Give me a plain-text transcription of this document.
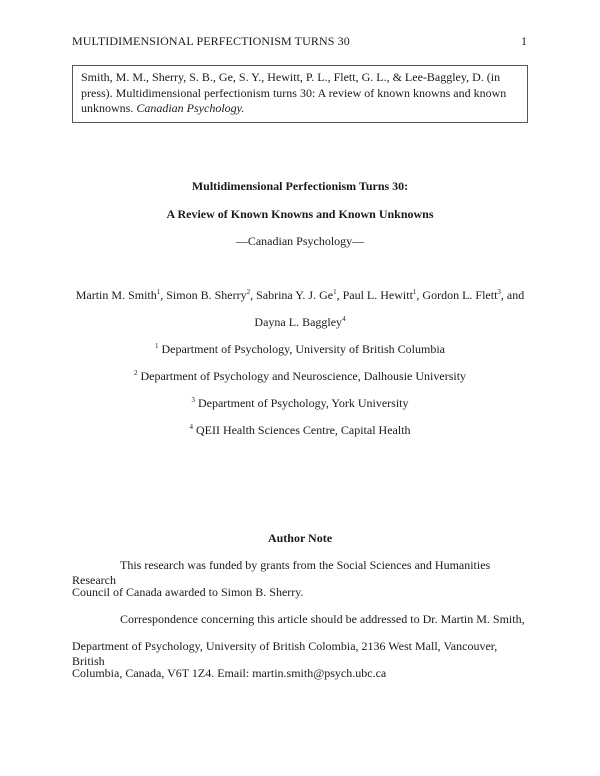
MULTIDIMENSIONAL PERFECTIONISM TURNS 30	1
Smith, M. M., Sherry, S. B., Ge, S. Y., Hewitt, P. L., Flett, G. L., & Lee-Baggley, D. (in
press). Multidimensional perfectionism turns 30: A review of known knowns and known
unknowns. Canadian Psychology.
Multidimensional Perfectionism Turns 30:
A Review of Known Knowns and Known Unknowns
—Canadian Psychology—
Martin M. Smith$^1$, Simon B. Sherry$^2$, Sabrina Y. J. Ge$^1$, Paul L. Hewitt$^1$, Gordon L. Flett$^3$, and
Dayna L. Baggley$^4$
$^1$ Department of Psychology, University of British Columbia
$^2$ Department of Psychology and Neuroscience, Dalhousie University
$^3$ Department of Psychology, York University
$^4$ QEII Health Sciences Centre, Capital Health
Author Note
This research was funded by grants from the Social Sciences and Humanities Research
Council of Canada awarded to Simon B. Sherry.
Correspondence concerning this article should be addressed to Dr. Martin M. Smith,
Department of Psychology, University of British Colombia, 2136 West Mall, Vancouver, British
Columbia, Canada, V6T 1Z4. Email: martin.smith@psych.ubc.ca
